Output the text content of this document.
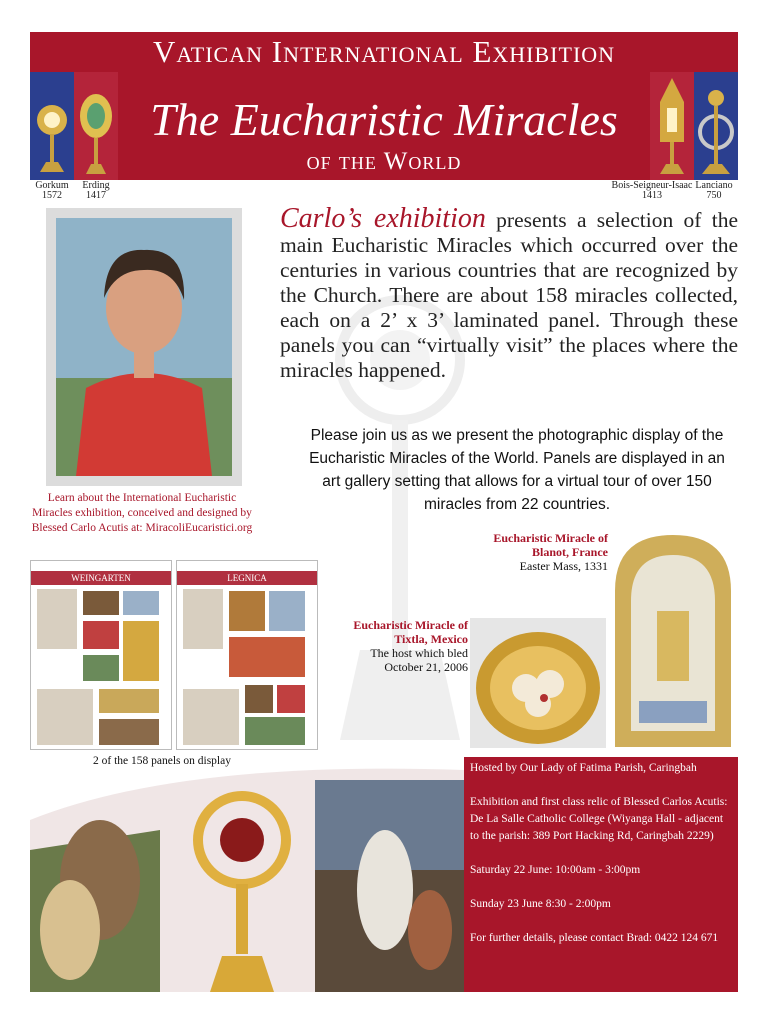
Vatican International Exhibition
The Eucharistic Miracles
of the World
Gorkum
1572
Erding
1417
Bois-Seigneur-Isaac
1413
Lanciano
750
Carlo’s exhibition presents a selection of the main Eucharistic Miracles which occurred over the centuries in various countries that are recognized by the Church. There are about 158 miracles collected, each on a 2’ x 3’ laminated panel. Through these panels you can “virtually visit” the places where the miracles happened.
Please join us as we present the photographic display of the Eucharistic Miracles of the World. Panels are displayed in an art gallery setting that allows for a virtual tour of over 150 miracles from 22 countries.
Learn about the International Eucharistic Miracles exhibition, conceived and designed by Blessed Carlo Acutis at: MiracoliEucaristici.org
WEINGARTEN	LEGNICA
2 of the 158 panels on display
Eucharistic Miracle of Blanot, France
Easter Mass, 1331
Eucharistic Miracle of Tixtla, Mexico
The host which bled
October 21, 2006

Hosted by Our Lady of Fatima Parish, Caringbah

Exhibition and first class relic of Blessed Carlos Acutis: De La Salle Catholic College (Wiyanga Hall - adjacent to the parish: 389 Port Hacking Rd, Caringbah 2229)

Saturday 22 June: 10:00am - 3:00pm

Sunday 23 June 8:30 - 2:00pm

For further details, please contact Brad: 0422 124 671
